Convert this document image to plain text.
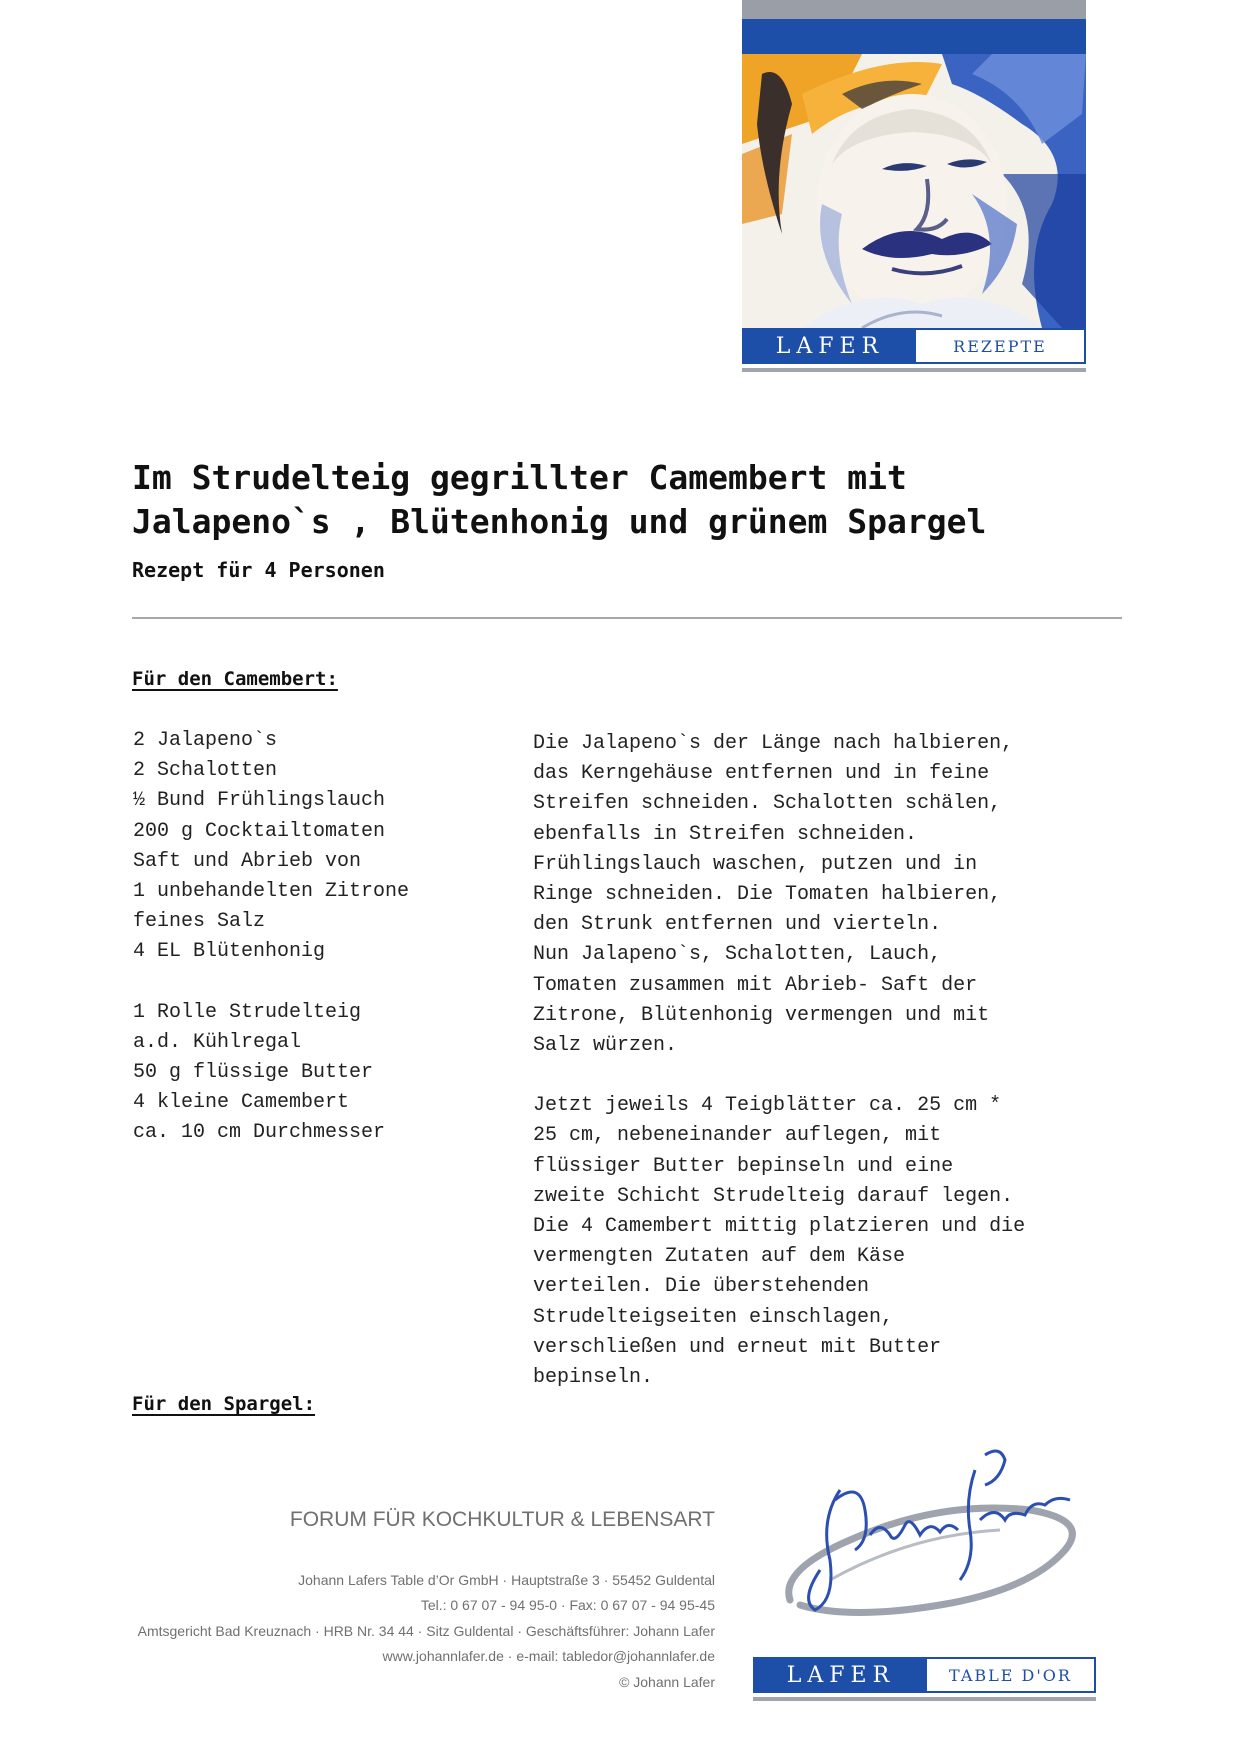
LAFER	REZEPTE
Im Strudelteig gegrillter Camembert mit
Jalapeno`s , Blütenhonig und grünem Spargel
Rezept für 4 Personen
Für den Camembert:
Für den Spargel:
2 Jalapeno`s
2 Schalotten
½ Bund Frühlingslauch
200 g Cocktailtomaten
Saft und Abrieb von
1 unbehandelten Zitrone
feines Salz
4 EL Blütenhonig
1 Rolle Strudelteig
a.d. Kühlregal
50 g flüssige Butter
4 kleine Camembert
ca. 10 cm Durchmesser
Die Jalapeno`s der Länge nach halbieren,
das Kerngehäuse entfernen und in feine
Streifen schneiden. Schalotten schälen,
ebenfalls in Streifen schneiden.
Frühlingslauch waschen, putzen und in
Ringe schneiden. Die Tomaten halbieren,
den Strunk entfernen und vierteln.
Nun Jalapeno`s, Schalotten, Lauch,
Tomaten zusammen mit Abrieb- Saft der
Zitrone, Blütenhonig vermengen und mit
Salz würzen.
Jetzt jeweils 4 Teigblätter ca. 25 cm *
25 cm, nebeneinander auflegen, mit
flüssiger Butter bepinseln und eine
zweite Schicht Strudelteig darauf legen.
Die 4 Camembert mittig platzieren und die
vermengten Zutaten auf dem Käse
verteilen. Die überstehenden
Strudelteigseiten einschlagen,
verschließen und erneut mit Butter
bepinseln.
FORUM FÜR KOCHKULTUR & LEBENSART
Johann Lafers Table d’Or GmbH · Hauptstraße 3 · 55452 Guldental
Tel.: 0 67 07 - 94 95-0 · Fax: 0 67 07 - 94 95-45
Amtsgericht Bad Kreuznach · HRB Nr. 34 44 · Sitz Guldental · Geschäftsführer: Johann Lafer
www.johannlafer.de · e-mail: tabledor@johannlafer.de
© Johann Lafer	LAFER	TABLE D'OR
